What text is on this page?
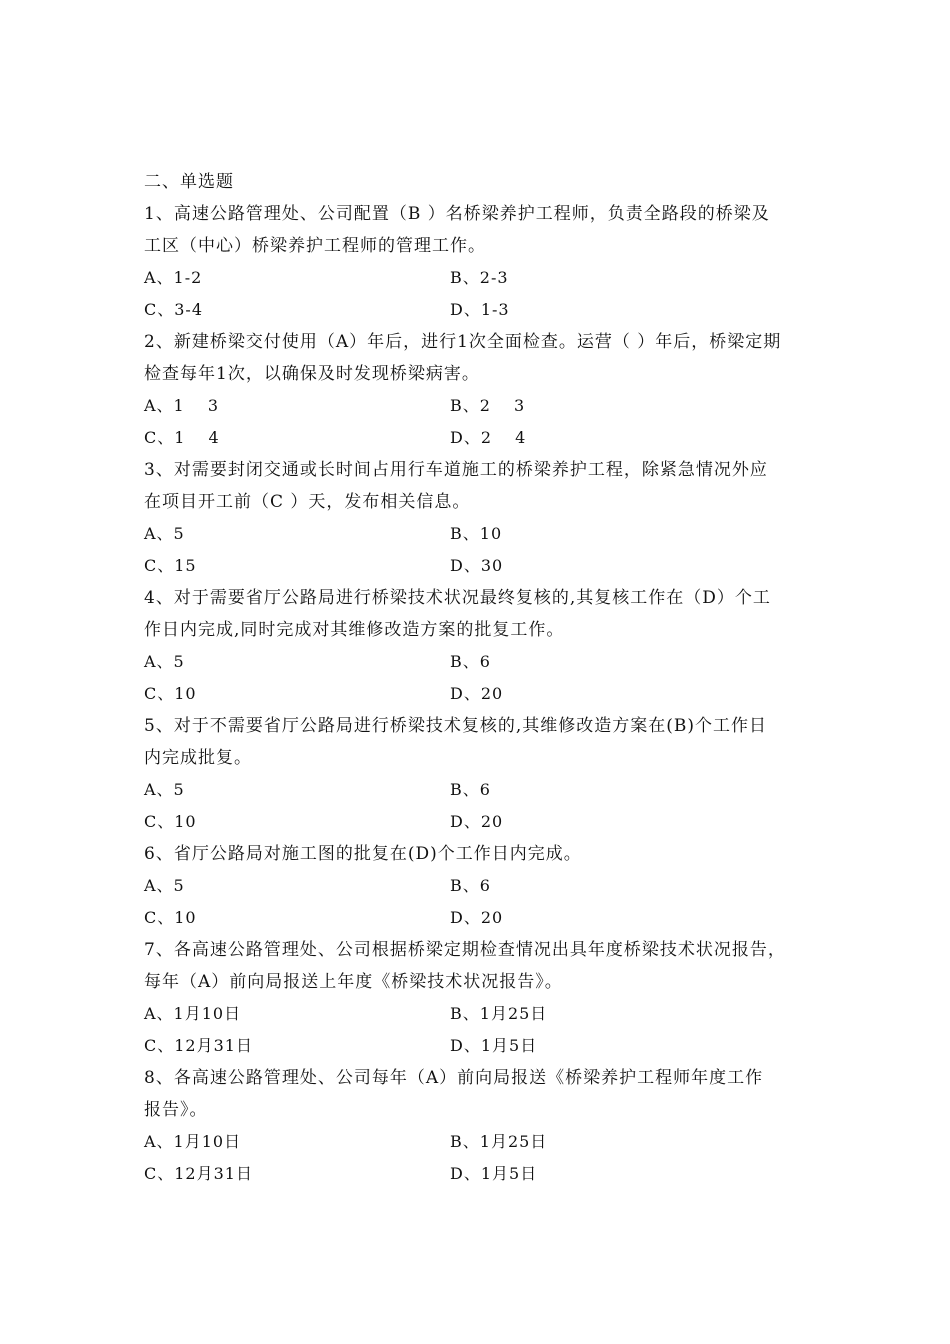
二、单选题
1、高速公路管理处、公司配置（B ）名桥梁养护工程师，负责全路段的桥梁及
工区（中心）桥梁养护工程师的管理工作。
A、1-2	B、2-3
C、3-4	D、1-3
2、新建桥梁交付使用（A）年后，进行1次全面检查。运营（ ）年后，桥梁定期
检查每年1次，以确保及时发现桥梁病害。
A、1　 3	B、2　 3
C、1　 4	D、2　 4
3、对需要封闭交通或长时间占用行车道施工的桥梁养护工程，除紧急情况外应
在项目开工前（C ）天，发布相关信息。
A、5	B、10
C、15	D、30
4、对于需要省厅公路局进行桥梁技术状况最终复核的,其复核工作在（D）个工
作日内完成,同时完成对其维修改造方案的批复工作。
A、5	B、6
C、10	D、20
5、对于不需要省厅公路局进行桥梁技术复核的,其维修改造方案在(B)个工作日
内完成批复。
A、5	B、6
C、10	D、20
6、省厅公路局对施工图的批复在(D)个工作日内完成。
A、5	B、6
C、10	D、20
7、各高速公路管理处、公司根据桥梁定期检查情况出具年度桥梁技术状况报告，
每年（A）前向局报送上年度《桥梁技术状况报告》。
A、1月10日	B、1月25日
C、12月31日	D、1月5日
8、各高速公路管理处、公司每年（A）前向局报送《桥梁养护工程师年度工作
报告》。
A、1月10日	B、1月25日
C、12月31日	D、1月5日
